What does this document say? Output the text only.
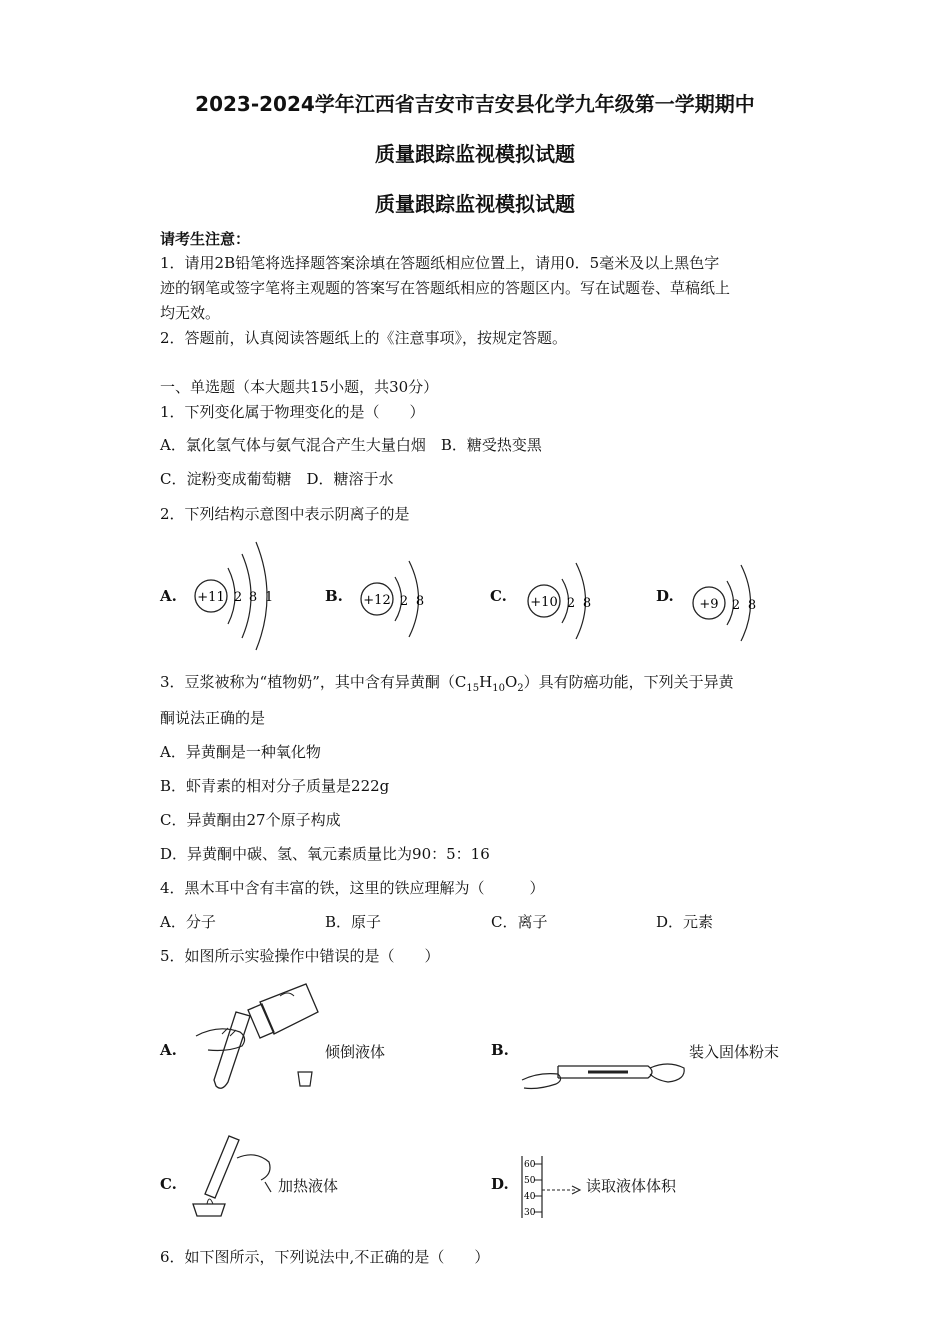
2023-2024学年江西省吉安市吉安县化学九年级第一学期期中
质量跟踪监视模拟试题
质量跟踪监视模拟试题
请考生注意：
1．请用2B铅笔将选择题答案涂填在答题纸相应位置上，请用0．5毫米及以上黑色字
迹的钢笔或签字笔将主观题的答案写在答题纸相应的答题区内。写在试题卷、草稿纸上
均无效。
2．答题前，认真阅读答题纸上的《注意事项》，按规定答题。
一、单选题（本大题共15小题，共30分）
1．下列变化属于物理变化的是（　　）
A．氯化氢气体与氨气混合产生大量白烟　B．糖受热变黑
C．淀粉变成葡萄糖　D．糖溶于水
2．下列结构示意图中表示阴离子的是
A. +11 2 8 1	B. +12 2 8	C. +10 2 8	D. +9 2 8
3．豆浆被称为“植物奶”，其中含有异黄酮$(C_{15}H_{10}O_2)$具有防癌功能，下列关于异黄
酮说法正确的是
A．异黄酮是一种氧化物
B．虾青素的相对分子质量是222g
C．异黄酮由27个原子构成
D．异黄酮中碳、氢、氧元素质量比为90：5：16
4．黑木耳中含有丰富的铁，这里的铁应理解为（　　　）
A．分子	B．原子	C．离子	D．元素
5．如图所示实验操作中错误的是（　　）
A.	倾倒液体	B.	装入固体粉末
C.	加热液体	D.
60
50
40
30
读取液体体积
6．如下图所示，下列说法中,不正确的是（　　）
